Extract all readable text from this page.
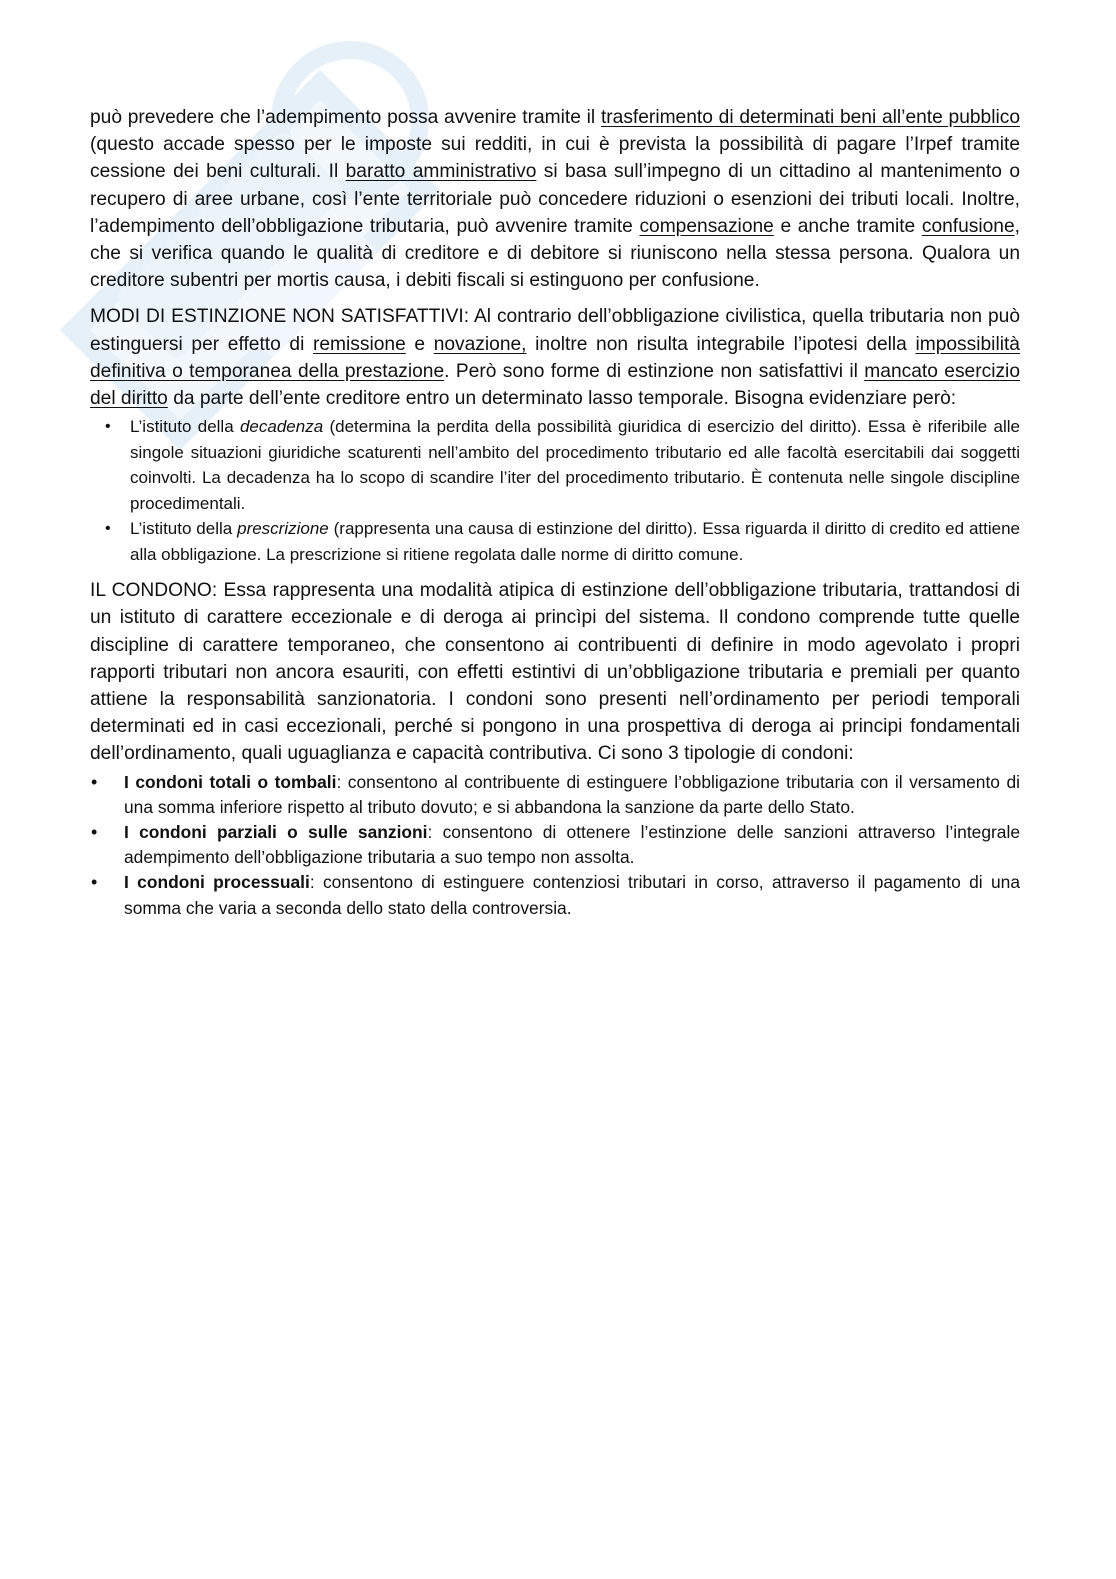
può prevedere che l’adempimento possa avvenire tramite il trasferimento di determinati beni all’ente pubblico (questo accade spesso per le imposte sui redditi, in cui è prevista la possibilità di pagare l’Irpef tramite cessione dei beni culturali. Il baratto amministrativo si basa sull’impegno di un cittadino al mantenimento o recupero di aree urbane, così l’ente territoriale può concedere riduzioni o esenzioni dei tributi locali. Inoltre, l’adempimento dell’obbligazione tributaria, può avvenire tramite compensazione e anche tramite confusione, che si verifica quando le qualità di creditore e di debitore si riuniscono nella stessa persona. Qualora un creditore subentri per mortis causa, i debiti fiscali si estinguono per confusione.

MODI DI ESTINZIONE NON SATISFATTIVI: Al contrario dell’obbligazione civilistica, quella tributaria non può estinguersi per effetto di remissione e novazione, inoltre non risulta integrabile l’ipotesi della impossibilità definitiva o temporanea della prestazione. Però sono forme di estinzione non satisfattivi il mancato esercizio del diritto da parte dell’ente creditore entro un determinato lasso temporale. Bisogna evidenziare però:

• L’istituto della decadenza (determina la perdita della possibilità giuridica di esercizio del diritto). Essa è riferibile alle singole situazioni giuridiche scaturenti nell’ambito del procedimento tributario ed alle facoltà esercitabili dai soggetti coinvolti. La decadenza ha lo scopo di scandire l’iter del procedimento tributario. È contenuta nelle singole discipline procedimentali.
• L’istituto della prescrizione (rappresenta una causa di estinzione del diritto). Essa riguarda il diritto di credito ed attiene alla obbligazione. La prescrizione si ritiene regolata dalle norme di diritto comune.

IL CONDONO: Essa rappresenta una modalità atipica di estinzione dell’obbligazione tributaria, trattandosi di un istituto di carattere eccezionale e di deroga ai princìpi del sistema. Il condono comprende tutte quelle discipline di carattere temporaneo, che consentono ai contribuenti di definire in modo agevolato i propri rapporti tributari non ancora esauriti, con effetti estintivi di un’obbligazione tributaria e premiali per quanto attiene la responsabilità sanzionatoria. I condoni sono presenti nell’ordinamento per periodi temporali determinati ed in casi eccezionali, perché si pongono in una prospettiva di deroga ai principi fondamentali dell’ordinamento, quali uguaglianza e capacità contributiva. Ci sono 3 tipologie di condoni:

• I condoni totali o tombali: consentono al contribuente di estinguere l’obbligazione tributaria con il versamento di una somma inferiore rispetto al tributo dovuto; e si abbandona la sanzione da parte dello Stato.
• I condoni parziali o sulle sanzioni: consentono di ottenere l’estinzione delle sanzioni attraverso l’integrale adempimento dell’obbligazione tributaria a suo tempo non assolta.
• I condoni processuali: consentono di estinguere contenziosi tributari in corso, attraverso il pagamento di una somma che varia a seconda dello stato della controversia.
